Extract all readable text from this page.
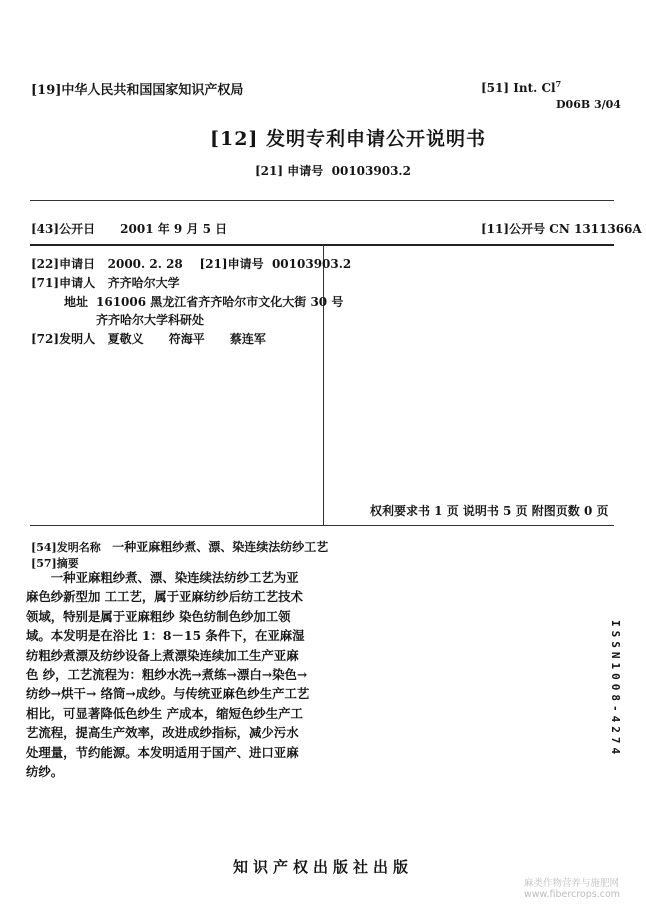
[19]中华人民共和国国家知识产权局	[51] Int. Cl$^7$
D06B 3/04
[12] 发明专利申请公开说明书
[21] 申请号 00103903.2
[43]公开日 2001 年 9 月 5 日	[11]公开号 CN 1311366A
[22]申请日 2000. 2. 28 [21]申请号 00103903.2
[71]申请人 齐齐哈尔大学
地址 161006 黑龙江省齐齐哈尔市文化大街 30 号
齐齐哈尔大学科研处
[72]发明人 夏敬义 符海平 蔡连军
权利要求书 1 页 说明书 5 页 附图页数 0 页
[54]发明名称 一种亚麻粗纱煮、漂、染连续法纺纱工艺
[57]摘要
一种亚麻粗纱煮、漂、染连续法纺纱工艺为亚麻色纱新型加 工工艺，属于亚麻纺纱后纺工艺技术领域，特别是属于亚麻粗纱 染色纺制色纱加工领域。本发明是在浴比 1：8－15 条件下，在亚麻湿纺粗纱煮漂及纺纱设备上煮漂染连续加工生产亚麻色 纱，工艺流程为：粗纱水洗→煮练→漂白→染色→纺纱→烘干→ 络筒→成纱。与传统亚麻色纱生产工艺相比，可显著降低色纱生 产成本，缩短色纱生产工艺流程，提高生产效率，改进成纱指标，减少污水处理量，节约能源。本发明适用于国产、进口亚麻 纺纱。
ISSN1008-4274
知识产权出版社出版
麻类作物营养与施肥网
www.fibercrops.com
